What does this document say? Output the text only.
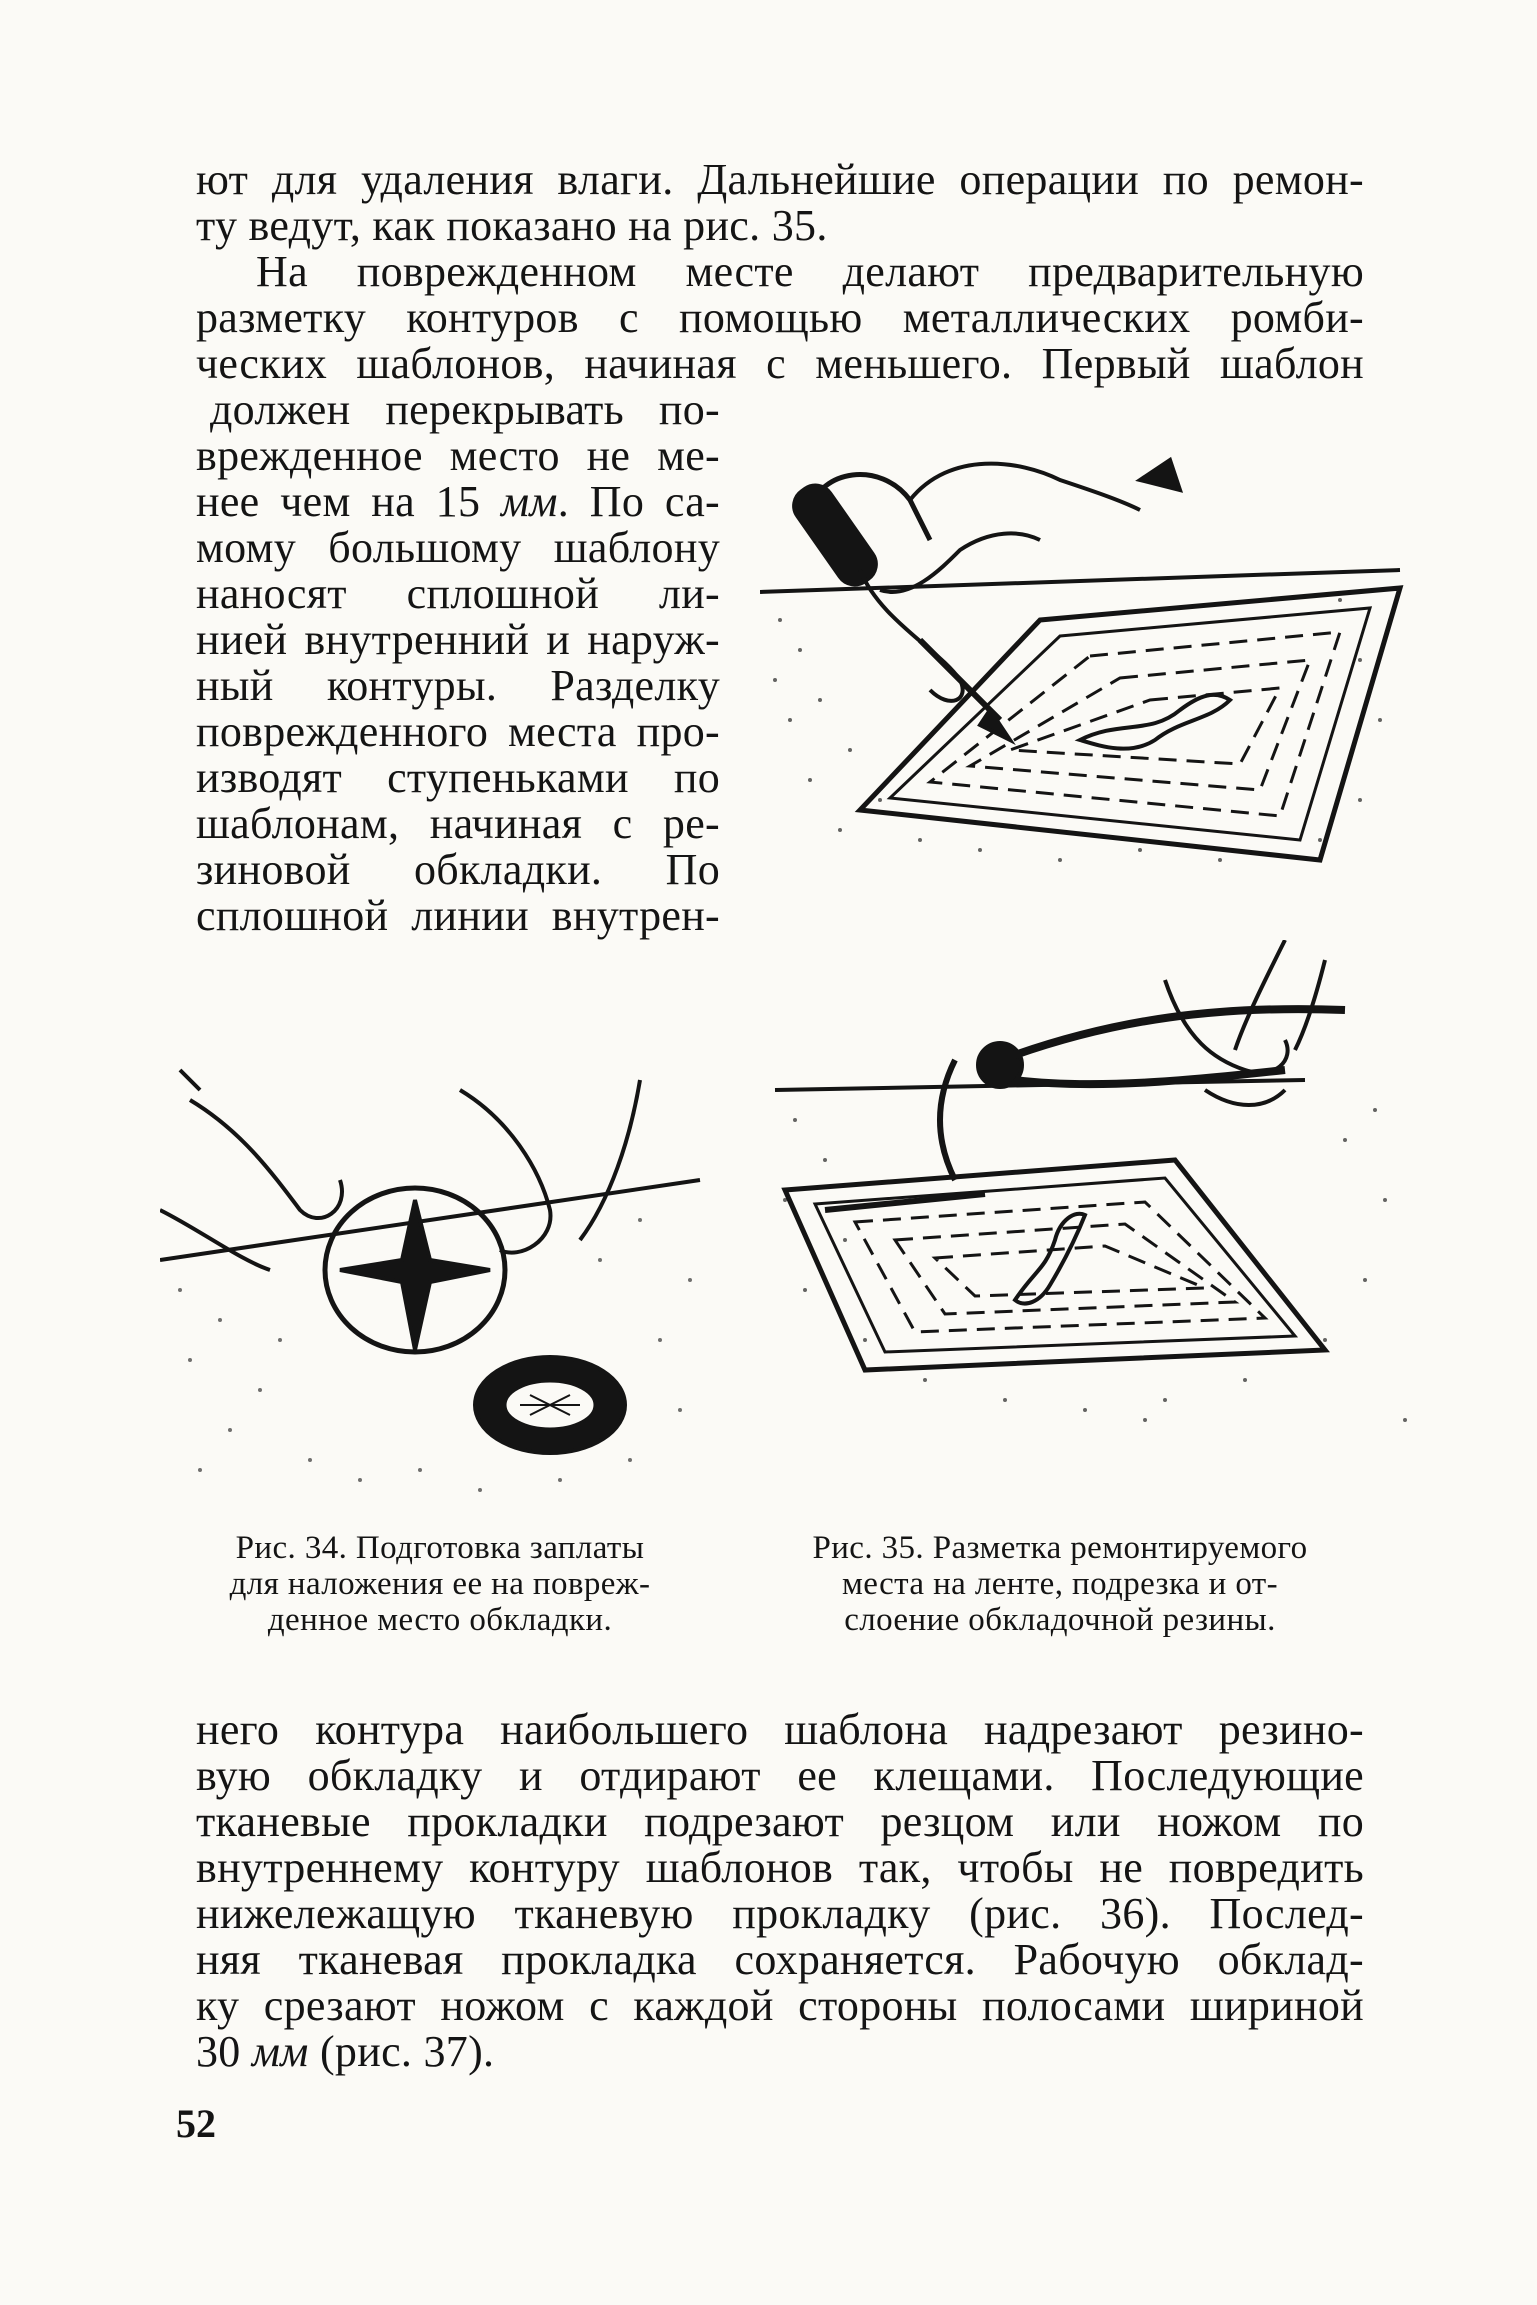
ют для удаления влаги. Дальнейшие операции по ремон-
ту ведут, как показано на рис. 35.
На поврежденном месте делают предварительную
разметку контуров с помощью металлических ромби-
ческих шаблонов, начиная с меньшего. Первый шаблон
должен перекрывать по-
врежденное место не ме-
нее чем на 15 мм. По са-
мому большому шаблону
наносят сплошной ли-
нией внутренний и наруж-
ный контуры. Разделку
поврежденного места про-
изводят ступеньками по
шаблонам, начиная с ре-
зиновой обкладки. По
сплошной линии внутрен-
Рис. 34. Подготовка заплаты
для наложения ее на повреж-
денное место обкладки.
Рис. 35. Разметка ремонтируемого
места на ленте, подрезка и от-
слоение обкладочной резины.
него контура наибольшего шаблона надрезают резино-
вую обкладку и отдирают ее клещами. Последующие
тканевые прокладки подрезают резцом или ножом по
внутреннему контуру шаблонов так, чтобы не повредить
нижележащую тканевую прокладку (рис. 36). Послед-
няя тканевая прокладка сохраняется. Рабочую обклад-
ку срезают ножом с каждой стороны полосами шириной
30 мм (рис. 37).
52
